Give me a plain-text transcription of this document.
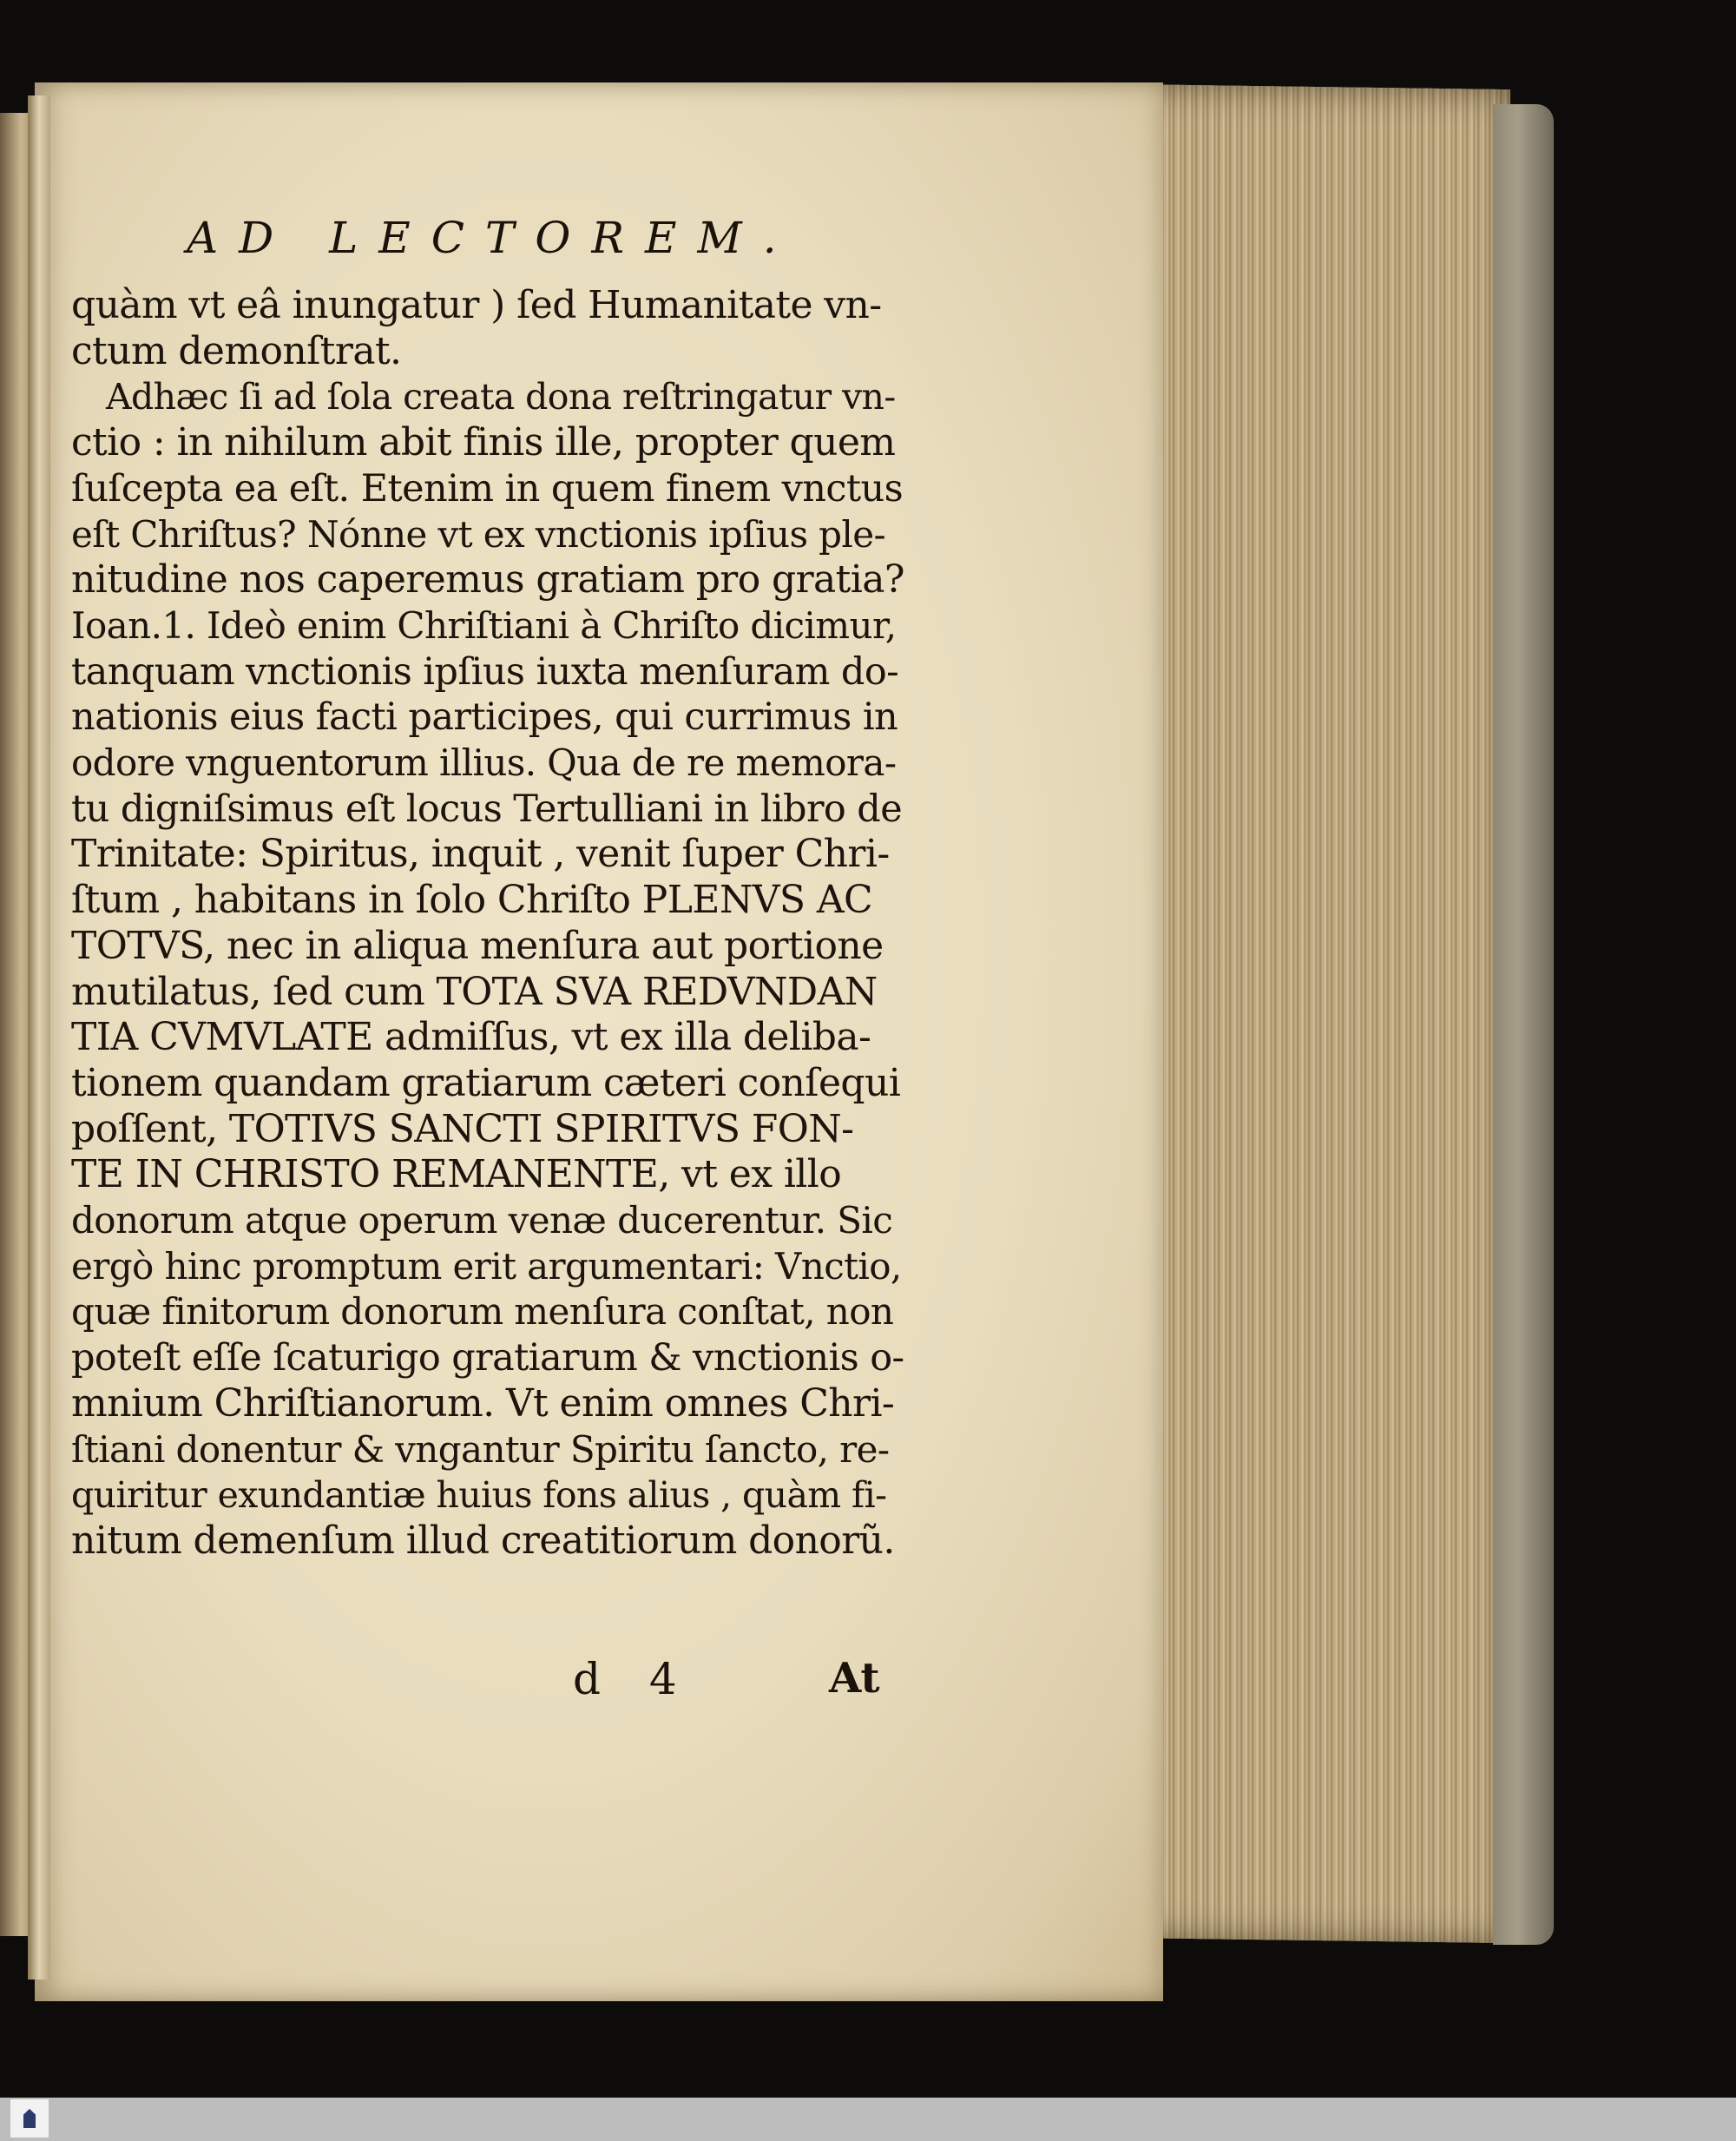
AD LECTOREM.
quàm vt eâ inungatur ) ſed Humanitate vn-
ctum demonſtrat.
Adhæc ſi ad ſola creata dona reſtringatur vn-
ctio : in nihilum abit finis ille, propter quem
ſuſcepta ea eſt. Etenim in quem finem vnctus
eſt Chriſtus? Nónne vt ex vnctionis ipſius ple-
nitudine nos caperemus gratiam pro gratia?
Ioan.1. Ideò enim Chriſtiani à Chriſto dicimur,
tanquam vnctionis ipſius iuxta menſuram do-
nationis eius facti participes, qui currimus in
odore vnguentorum illius. Qua de re memora-
tu digniſsimus eſt locus Tertulliani in libro de
Trinitate: Spiritus, inquit , venit ſuper Chri-
ſtum , habitans in ſolo Chriſto PLENVS AC
TOTVS, nec in aliqua menſura aut portione
mutilatus, ſed cum TOTA SVA REDVNDAN
TIA CVMVLATE admiſſus, vt ex illa deliba-
tionem quandam gratiarum cæteri conſequi
poſſent, TOTIVS SANCTI SPIRITVS FON-
TE IN CHRISTO REMANENTE, vt ex illo
donorum atque operum venæ ducerentur. Sic
ergò hinc promptum erit argumentari: Vnctio,
quæ finitorum donorum menſura conſtat, non
poteſt eſſe ſcaturigo gratiarum & vnctionis o-
mnium Chriſtianorum. Vt enim omnes Chri-
ſtiani donentur & vngantur Spiritu ſancto, re-
quiritur exundantiæ huius fons alius , quàm fi-
nitum demenſum illud creatitiorum donorũ.
d 4	At
